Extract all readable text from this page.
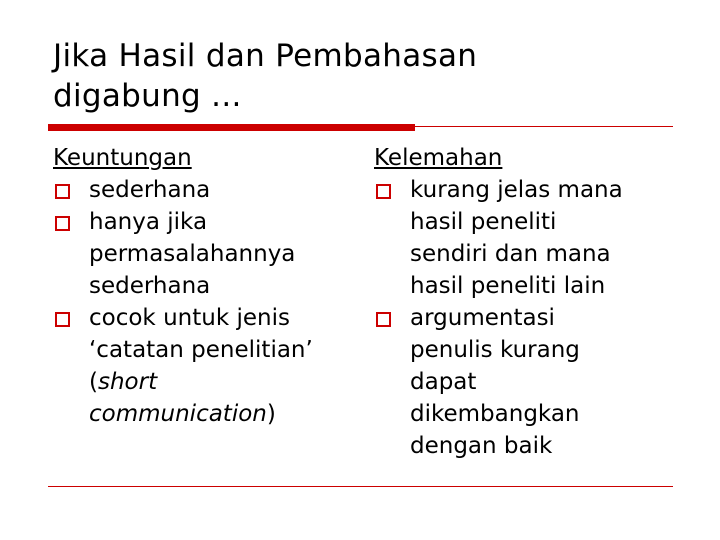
Jika Hasil dan Pembahasan
digabung ...
Keuntungan
sederhana
hanya jika
permasalahannya
sederhana
cocok untuk jenis
‘catatan penelitian’
(short
communication)
Kelemahan
kurang jelas mana
hasil peneliti
sendiri dan mana
hasil peneliti lain
argumentasi
penulis kurang
dapat
dikembangkan
dengan baik
